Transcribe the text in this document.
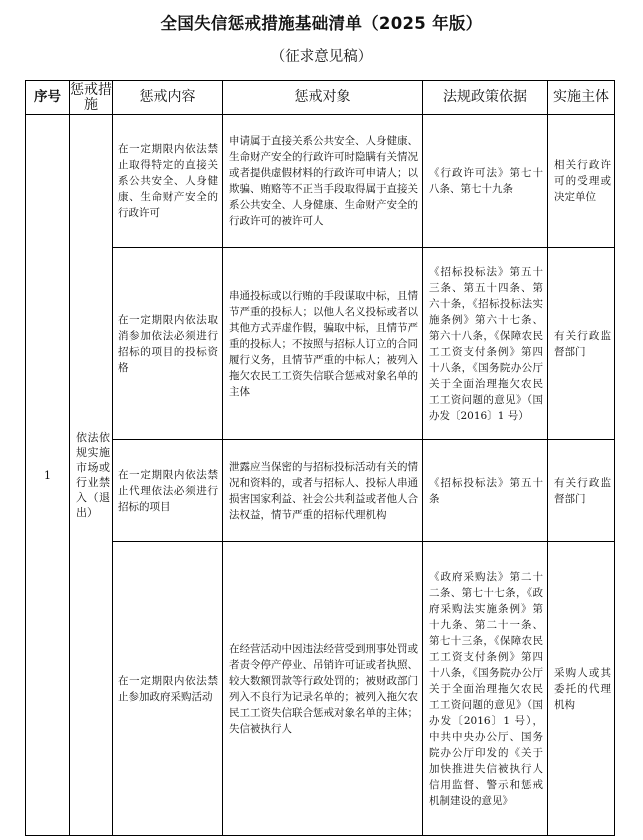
全国失信惩戒措施基础清单（2025 年版）
（征求意见稿）
序号	惩戒措施	惩戒内容	惩戒对象	法规政策依据	实施主体
1	依法依规实施市场或行业禁入（退出）	在一定期限内依法禁止取得特定的直接关系公共安全、人身健康、生命财产安全的行政许可	申请属于直接关系公共安全、人身健康、生命财产安全的行政许可时隐瞒有关情况或者提供虚假材料的行政许可申请人；以欺骗、贿赂等不正当手段取得属于直接关系公共安全、人身健康、生命财产安全的行政许可的被许可人	《行政许可法》第七十八条、第七十九条	相关行政许可的受理或决定单位

		在一定期限内依法取消参加依法必须进行招标的项目的投标资格	串通投标或以行贿的手段谋取中标，且情节严重的投标人；以他人名义投标或者以其他方式弄虚作假，骗取中标，且情节严重的投标人；不按照与招标人订立的合同履行义务，且情节严重的中标人；被列入拖欠农民工工资失信联合惩戒对象名单的主体	《招标投标法》第五十三条、第五十四条、第六十条，《招标投标法实施条例》第六十七条、第六十八条，《保障农民工工资支付条例》第四十八条，《国务院办公厅关于全面治理拖欠农民工工资问题的意见》（国办发〔2016〕1 号）	有关行政监督部门

		在一定期限内依法禁止代理依法必须进行招标的项目	泄露应当保密的与招标投标活动有关的情况和资料的，或者与招标人、投标人串通损害国家利益、社会公共利益或者他人合法权益，情节严重的招标代理机构	《招标投标法》第五十条	有关行政监督部门

		在一定期限内依法禁止参加政府采购活动	在经营活动中因违法经营受到刑事处罚或者责令停产停业、吊销许可证或者执照、较大数额罚款等行政处罚的；被财政部门列入不良行为记录名单的；被列入拖欠农民工工资失信联合惩戒对象名单的主体；失信被执行人	《政府采购法》第二十二条、第七十七条，《政府采购法实施条例》第十九条、第二十一条、第七十三条，《保障农民工工资支付条例》第四十八条，《国务院办公厅关于全面治理拖欠农民工工资问题的意见》（国办发〔2016〕1 号），中共中央办公厅、国务院办公厅印发的《关于加快推进失信被执行人信用监督、警示和惩戒机制建设的意见》	采购人或其委托的代理机构
